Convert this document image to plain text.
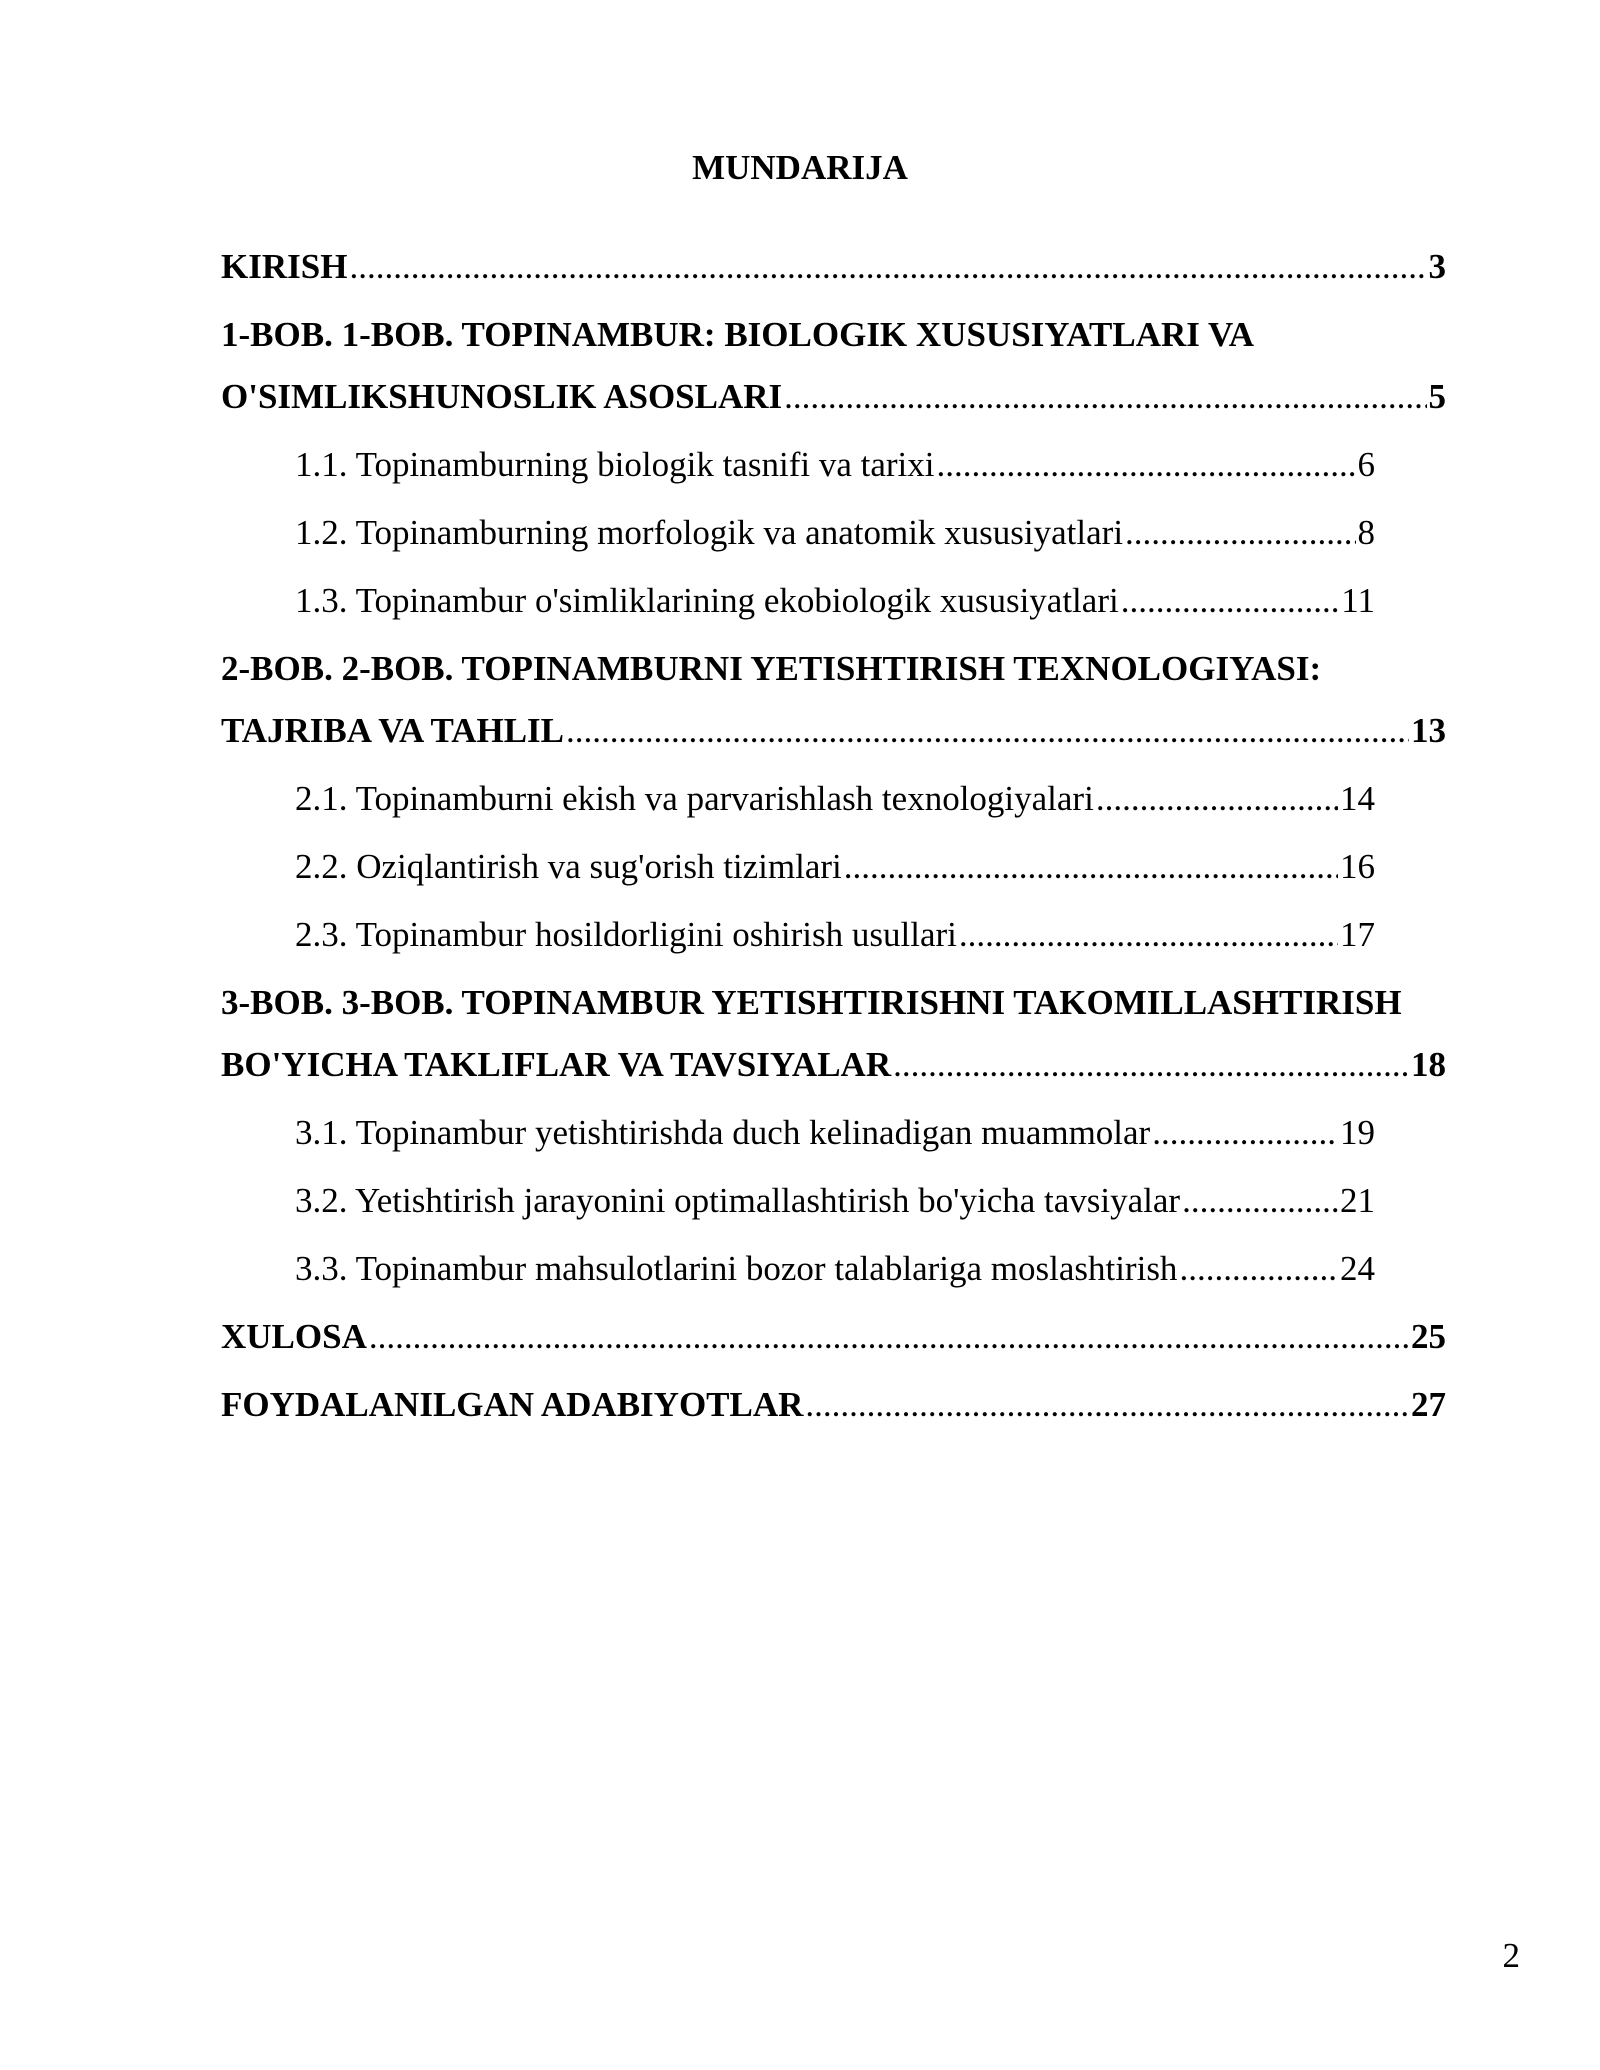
MUNDARIJA
KIRISH .....	3
1-BOB. 1-BOB. TOPINAMBUR: BIOLOGIK XUSUSIYATLARI VA
O'SIMLIKSHUNOSLIK ASOSLARI .....	5
1.1. Topinamburning biologik tasnifi va tarixi .....	6
1.2. Topinamburning morfologik va anatomik xususiyatlari .....	8
1.3. Topinambur o'simliklarining ekobiologik xususiyatlari .....	11
2-BOB. 2-BOB. TOPINAMBURNI YETISHTIRISH TEXNOLOGIYASI:
TAJRIBA VA TAHLIL .....	13
2.1. Topinamburni ekish va parvarishlash texnologiyalari .....	14
2.2. Oziqlantirish va sug'orish tizimlari .....	16
2.3. Topinambur hosildorligini oshirish usullari .....	17
3-BOB. 3-BOB. TOPINAMBUR YETISHTIRISHNI TAKOMILLASHTIRISH
BO'YICHA TAKLIFLAR VA TAVSIYALAR .....	18
3.1. Topinambur yetishtirishda duch kelinadigan muammolar .....	19
3.2. Yetishtirish jarayonini optimallashtirish bo'yicha tavsiyalar .....	21
3.3. Topinambur mahsulotlarini bozor talablariga moslashtirish .....	24
XULOSA .....	25
FOYDALANILGAN ADABIYOTLAR .....	27
2
